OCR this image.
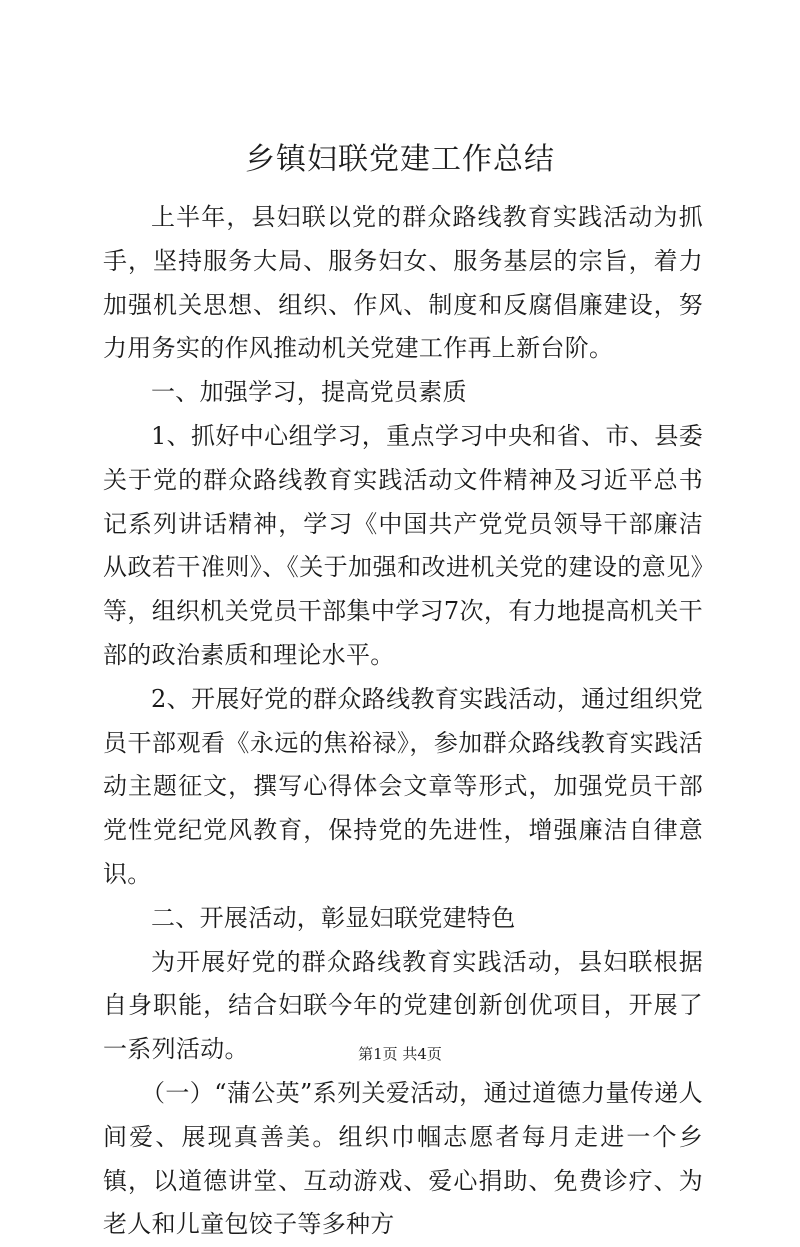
乡镇妇联党建工作总结

上半年，县妇联以党的群众路线教育实践活动为抓手，坚持服务大局、服务妇女、服务基层的宗旨，着力加强机关思想、组织、作风、制度和反腐倡廉建设，努力用务实的作风推动机关党建工作再上新台阶。

一、加强学习，提高党员素质

1、抓好中心组学习，重点学习中央和省、市、县委关于党的群众路线教育实践活动文件精神及习近平总书记系列讲话精神，学习《中国共产党党员领导干部廉洁从政若干准则》、《关于加强和改进机关党的建设的意见》等，组织机关党员干部集中学习7次，有力地提高机关干部的政治素质和理论水平。

2、开展好党的群众路线教育实践活动，通过组织党员干部观看《永远的焦裕禄》，参加群众路线教育实践活动主题征文，撰写心得体会文章等形式，加强党员干部党性党纪党风教育，保持党的先进性，增强廉洁自律意识。

二、开展活动，彰显妇联党建特色

为开展好党的群众路线教育实践活动，县妇联根据自身职能，结合妇联今年的党建创新创优项目，开展了一系列活动。

（一）“蒲公英”系列关爱活动，通过道德力量传递人间爱、展现真善美。组织巾帼志愿者每月走进一个乡镇，以道德讲堂、互动游戏、爱心捐助、免费诊疗、为老人和儿童包饺子等多种方

第1页 共4页
